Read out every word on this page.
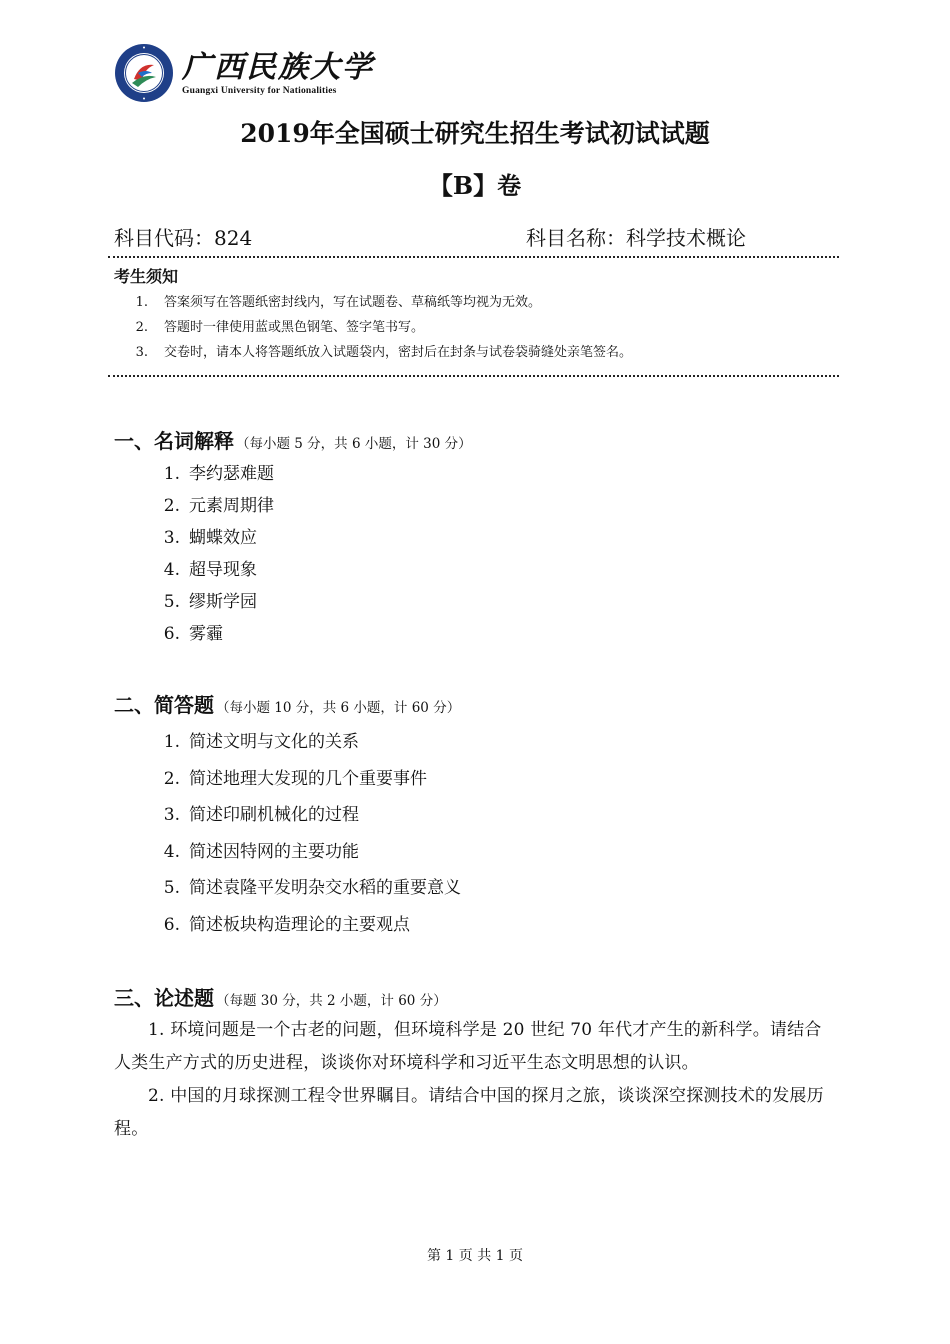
广西民族大学
Guangxi University for Nationalities
2019年全国硕士研究生招生考试初试试题
【B】卷
科目代码：824	科目名称：科学技术概论
考生须知
1. 答案须写在答题纸密封线内，写在试题卷、草稿纸等均视为无效。
2. 答题时一律使用蓝或黑色钢笔、签字笔书写。
3. 交卷时，请本人将答题纸放入试题袋内，密封后在封条与试卷袋骑缝处亲笔签名。
一、名词解释 （每小题 5 分，共 6 小题，计 30 分）
1. 李约瑟难题
2. 元素周期律
3. 蝴蝶效应
4. 超导现象
5. 缪斯学园
6. 雾霾
二、简答题 （每小题 10 分，共 6 小题，计 60 分）
1. 简述文明与文化的关系
2. 简述地理大发现的几个重要事件
3. 简述印刷机械化的过程
4. 简述因特网的主要功能
5. 简述袁隆平发明杂交水稻的重要意义
6. 简述板块构造理论的主要观点
三、论述题 （每题 30 分，共 2 小题，计 60 分）

1. 环境问题是一个古老的问题，但环境科学是 20 世纪 70 年代才产生的新科学。请结合人类生产方式的历史进程，谈谈你对环境科学和习近平生态文明思想的认识。

2. 中国的月球探测工程令世界瞩目。请结合中国的探月之旅，谈谈深空探测技术的发展历程。

第 1 页 共 1 页
